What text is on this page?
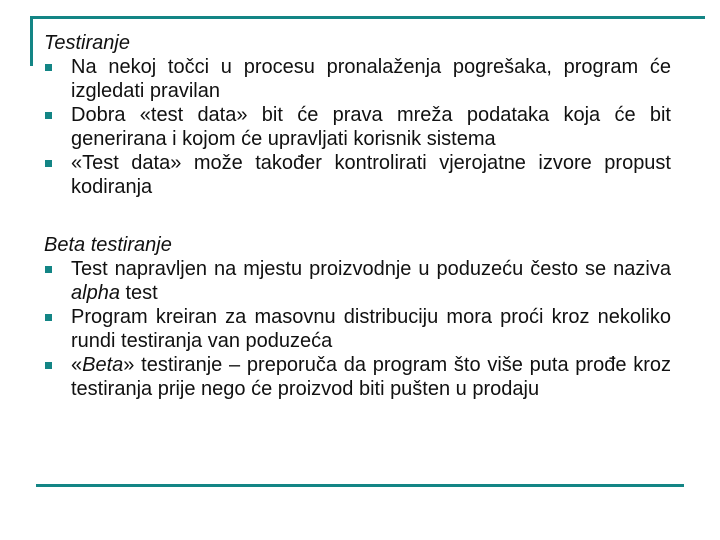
Testiranje
Na nekoj točci u procesu pronalaženja pogrešaka, program će izgledati pravilan
Dobra «test data» bit će prava mreža podataka koja će bit generirana i kojom će upravljati korisnik sistema
«Test data» može također kontrolirati vjerojatne izvore propust kodiranja
Beta testiranje
Test napravljen na mjestu proizvodnje u poduzeću često se naziva alpha test
Program kreiran za masovnu distribuciju mora proći kroz nekoliko rundi testiranja van poduzeća
«Beta» testiranje – preporuča da program što više puta prođe kroz testiranja prije nego će proizvod biti pušten u prodaju
